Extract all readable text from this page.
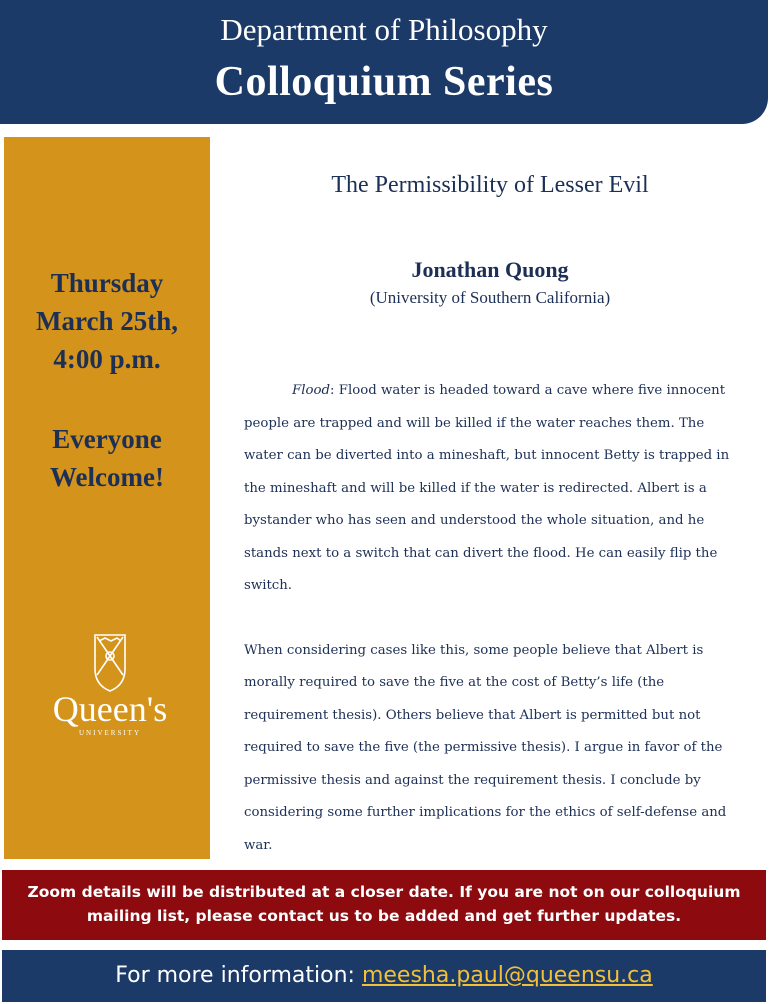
Department of Philosophy
Colloquium Series
Thursday
March 25th,
4:00 p.m.
Everyone
Welcome!
Queen's
UNIVERSITY
The Permissibility of Lesser Evil
Jonathan Quong
(University of Southern California)

Flood: Flood water is headed toward a cave where five innocent people are trapped and will be killed if the water reaches them. The water can be diverted into a mineshaft, but innocent Betty is trapped in the mineshaft and will be killed if the water is redirected. Albert is a bystander who has seen and understood the whole situation, and he stands next to a switch that can divert the flood. He can easily flip the switch.

When considering cases like this, some people believe that Albert is morally required to save the five at the cost of Betty’s life (the requirement thesis). Others believe that Albert is permitted but not required to save the five (the permissive thesis). I argue in favor of the permissive thesis and against the requirement thesis. I conclude by considering some further implications for the ethics of self-defense and war.

Zoom details will be distributed at a closer date. If you are not on our colloquium
mailing list, please contact us to be added and get further updates.
For more information: meesha.paul@queensu.ca
